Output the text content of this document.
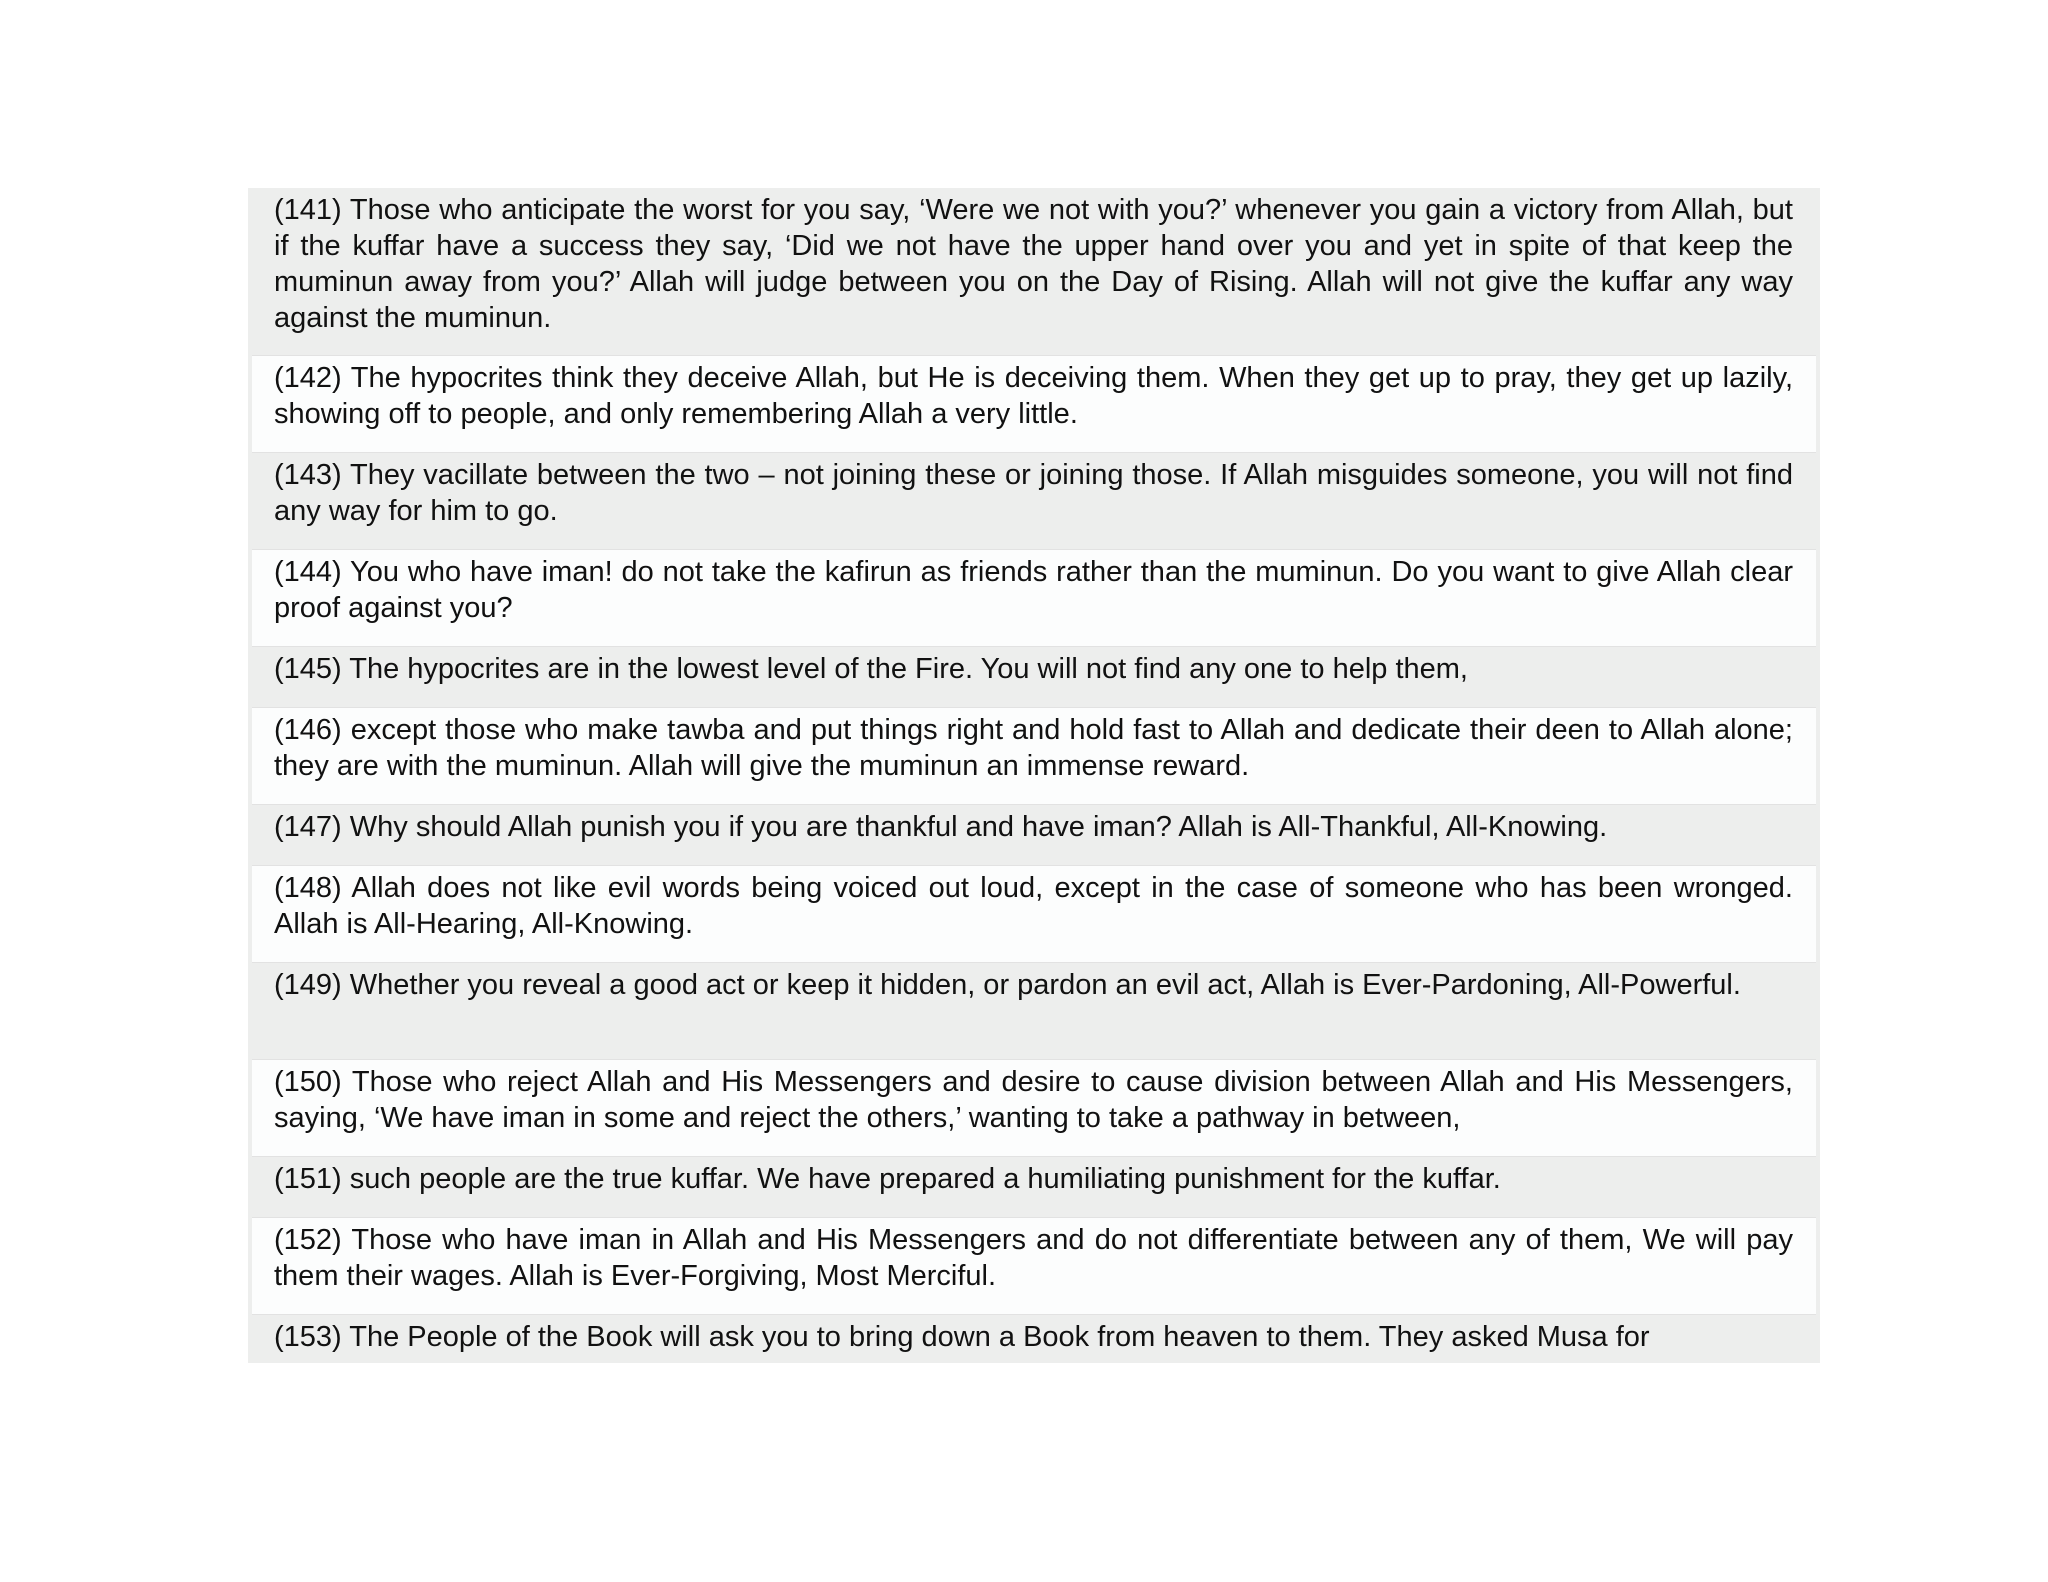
(141) Those who anticipate the worst for you say, ‘Were we not with you?’ whenever you gain a victory from Allah, but if the kuffar have a success they say, ‘Did we not have the upper hand over you and yet in spite of that keep the muminun away from you?’ Allah will judge between you on the Day of Rising. Allah will not give the kuffar any way against the muminun.
(142) The hypocrites think they deceive Allah, but He is deceiving them. When they get up to pray, they get up lazily, showing off to people, and only remembering Allah a very little.
(143) They vacillate between the two – not joining these or joining those. If Allah misguides someone, you will not find any way for him to go.
(144) You who have iman! do not take the kafirun as friends rather than the muminun. Do you want to give Allah clear proof against you?
(145) The hypocrites are in the lowest level of the Fire. You will not find any one to help them,
(146) except those who make tawba and put things right and hold fast to Allah and dedicate their deen to Allah alone; they are with the muminun. Allah will give the muminun an immense reward.
(147) Why should Allah punish you if you are thankful and have iman? Allah is All-Thankful, All-Knowing.
(148) Allah does not like evil words being voiced out loud, except in the case of someone who has been wronged. Allah is All-Hearing, All-Knowing.
(149) Whether you reveal a good act or keep it hidden, or pardon an evil act, Allah is Ever-Pardoning, All-Powerful.
(150) Those who reject Allah and His Messengers and desire to cause division between Allah and His Messengers, saying, ‘We have iman in some and reject the others,’ wanting to take a pathway in between,
(151) such people are the true kuffar. We have prepared a humiliating punishment for the kuffar.
(152) Those who have iman in Allah and His Messengers and do not differentiate between any of them, We will pay them their wages. Allah is Ever-Forgiving, Most Merciful.
(153) The People of the Book will ask you to bring down a Book from heaven to them. They asked Musa for
